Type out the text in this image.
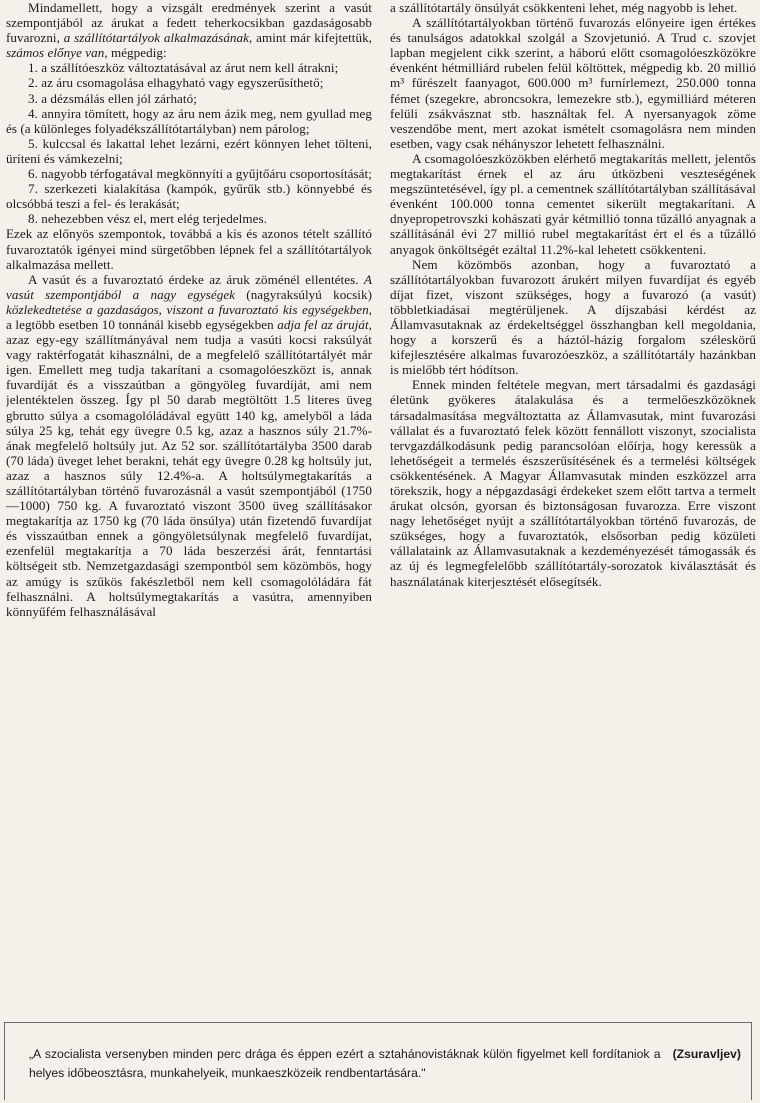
Mindamellett, hogy a vizsgált eredmények szerint a vasút szempontjából az árukat a fedett teherkocsikban gazdaságosabb fuvarozni, a szállítótartályok alkalmazásának, amint már kifejtettük, számos előnye van, mégpedig:

1. a szállítóeszköz változtatásával az árut nem kell átrakni;

2. az áru csomagolása elhagyható vagy egyszerűsíthető;

3. a dézsmálás ellen jól zárható;

4. annyira tömített, hogy az áru nem ázik meg, nem gyullad meg és (a különleges folyadékszállítótartályban) nem párolog;

5. kulccsal és lakattal lehet lezárni, ezért könnyen lehet tölteni, üríteni és vámkezelni;

6. nagyobb térfogatával megkönnyíti a gyűjtőáru csoportosítását;

7. szerkezeti kialakítása (kampók, gyűrűk stb.) könnyebbé és olcsóbbá teszi a fel- és lerakását;

8. nehezebben vész el, mert elég terjedelmes.

Ezek az előnyös szempontok, továbbá a kis és azonos tételt szállító fuvaroztatók igényei mind sürgetőbben lépnek fel a szállítótartályok alkalmazása mellett.

A vasút és a fuvaroztató érdeke az áruk zöménél ellentétes. A vasút szempontjából a nagy egységek (nagyraksúlyú kocsik) közlekedtetése a gazdaságos, viszont a fuvaroztató kis egységekben, a legtöbb esetben 10 tonnánál kisebb egységekben adja fel az áruját, azaz egy-egy szállítmányával nem tudja a vasúti kocsi raksúlyát vagy raktérfogatát kihasználni, de a megfelelő szállítótartályét már igen. Emellett meg tudja takarítani a csomagolóeszközt is, annak fuvardíját és a visszaútban a göngyöleg fuvardíját, ami nem jelentéktelen összeg. Így pl 50 darab megtöltött 1.5 literes üveg gbrutto súlya a csomagolóládával együtt 140 kg, amelyből a láda súlya 25 kg, tehát egy üvegre 0.5 kg, azaz a hasznos súly 21.7%-ának megfelelő holtsúly jut. Az 52 sor. szállítótartályba 3500 darab (70 láda) üveget lehet berakni, tehát egy üvegre 0.28 kg holtsúly jut, azaz a hasznos súly 12.4%-a. A holtsúlymegtakarítás a szállítótartályban történő fuvarozásnál a vasút szempontjából (1750—1000) 750 kg. A fuvaroztató viszont 3500 üveg szállításakor megtakarítja az 1750 kg (70 láda önsúlya) után fizetendő fuvardíjat és visszaútban ennek a göngyöletsúlynak megfelelő fuvardíjat, ezenfelül megtakarítja a 70 láda beszerzési árát, fenntartási költségeit stb. Nemzetgazdasági szempontból sem közömbös, hogy az amúgy is szűkös fakészletből nem kell csomagolóládára fát felhasználni. A holtsúlymegtakarítás a vasútra, amennyiben könnyűfém felhasználásával

a szállítótartály önsúlyát csökkenteni lehet, még nagyobb is lehet.

A szállítótartályokban történő fuvarozás előnyeire igen értékes és tanulságos adatokkal szolgál a Szovjetunió. A Trud c. szovjet lapban megjelent cikk szerint, a háború előtt csomagolóeszközökre évenként hétmilliárd rubelen felül költöttek, mégpedig kb. 20 millió m³ fűrészelt faanyagot, 600.000 m³ furnírlemezt, 250.000 tonna fémet (szegekre, abroncsokra, lemezekre stb.), egymilliárd méteren felüli zsákvásznat stb. használtak fel. A nyersanyagok zöme veszendőbe ment, mert azokat ismételt csomagolásra nem minden esetben, vagy csak néhányszor lehetett felhasználni.

A csomagolóeszközökben elérhető megtakarítás mellett, jelentős megtakarítást érnek el az áru útközbeni veszteségének megszüntetésével, így pl. a cementnek szállítótartályban szállításával évenként 100.000 tonna cementet sikerült megtakarítani. A dnyepropetrovszki kohászati gyár kétmillió tonna tűzálló anyagnak a szállításánál évi 27 millió rubel megtakarítást ért el és a tűzálló anyagok önköltségét ezáltal 11.2%-kal lehetett csökkenteni.

Nem közömbös azonban, hogy a fuvaroztató a szállítótartályokban fuvarozott árukért milyen fuvardíjat és egyéb díjat fizet, viszont szükséges, hogy a fuvarozó (a vasút) többletkiadásai megtérüljenek. A díjszabási kérdést az Államvasutaknak az érdekeltséggel összhangban kell megoldania, hogy a korszerű és a háztól-házig forgalom széleskörű kifejlesztésére alkalmas fuvarozóeszköz, a szállítótartály hazánkban is mielőbb tért hódítson.

Ennek minden feltétele megvan, mert társadalmi és gazdasági életünk gyökeres átalakulása és a termelőeszközöknek társadalmasítása megváltoztatta az Államvasutak, mint fuvarozási vállalat és a fuvaroztató felek között fennállott viszonyt, szocialista tervgazdálkodásunk pedig parancsolóan előírja, hogy keressük a lehetőségeit a termelés észszerűsítésének és a termelési költségek csökkentésének. A Magyar Államvasutak minden eszközzel arra törekszik, hogy a népgazdasági érdekeket szem előtt tartva a termelt árukat olcsón, gyorsan és biztonságosan fuvarozza. Erre viszont nagy lehetőséget nyújt a szállítótartályokban történő fuvarozás, de szükséges, hogy a fuvaroztatók, elsősorban pedig közületi vállalataink az Államvasutaknak a kezdeményezését támogassák és az új és legmegfelelőbb szállítótartály-sorozatok kiválasztását és használatának kiterjesztését elősegítsék.

(Zsuravljev)
„A szocialista versenyben minden perc drága és éppen ezért a sztahánovistáknak külön figyelmet kell fordítaniok a helyes időbeosztásra, munkahelyeik, munkaeszközeik rendbentartására."
